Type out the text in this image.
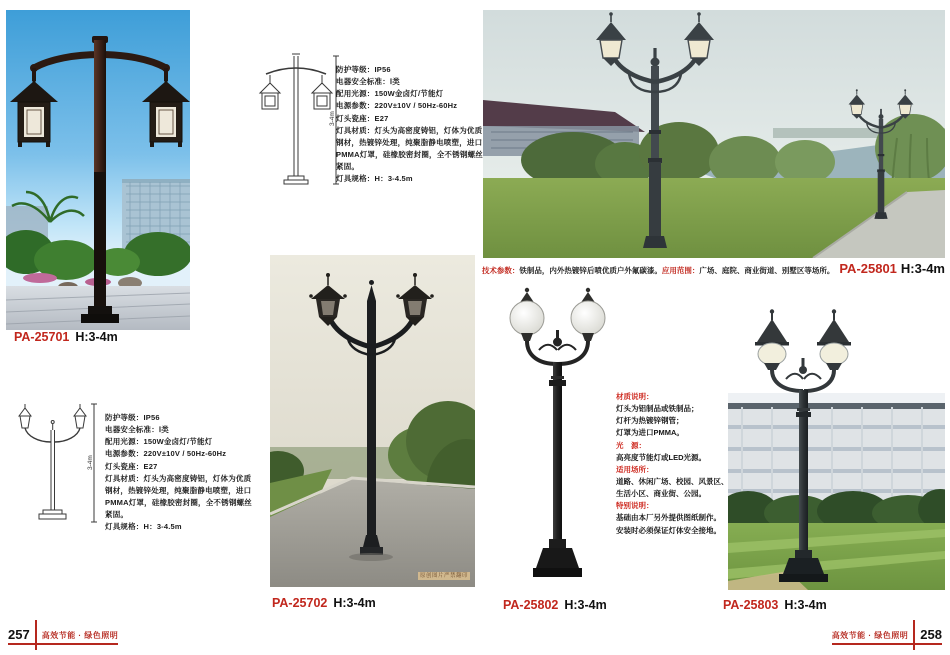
3-4m
防护等级：IP56
电器安全标准：Ⅰ类
配用光源：150W金卤灯/节能灯
电源参数：220V±10V / 50Hz-60Hz
灯头瓷座：E27
灯具材质：灯头为高密度铸铝，灯体为优质钢材，热镀锌处理，纯聚脂静电喷塑，进口PMMA灯罩，硅橡胶密封圈，全不锈钢螺丝紧固。
灯具规格：H：3-4.5m
PA-25701 H:3-4m
3-4m
防护等级：IP56
电器安全标准：Ⅰ类
配用光源：150W金卤灯/节能灯
电源参数：220V±10V / 50Hz-60Hz
灯头瓷座：E27
灯具材质：灯头为高密度铸铝，灯体为优质钢材，热镀锌处理，纯聚脂静电喷塑，进口PMMA灯罩，硅橡胶密封圈，全不锈钢螺丝紧固。
灯具规格：H：3-4.5m
原创图片严禁翻印
PA-25702 H:3-4m
257 高效节能 · 绿色照明
技术参数： 铁制品，内外热镀锌后喷优质户外氟碳漆。 应用范围： 广场、庭院、商业街道、别墅区等场所。 PA-25801 H:3-4m
PA-25802 H:3-4m
材质说明：
灯头为铝制品或铁制品；
灯杆为热镀锌钢管；
灯罩为进口PMMA。
光　源：
高亮度节能灯或LED光源。
适用场所：
道路、休闲广场、校园、风景区、
生活小区、商业街、公园。
特别说明：
基础由本厂另外提供图纸制作。
安装时必须保证灯体安全接地。
PA-25803 H:3-4m
高效节能 · 绿色照明 258
